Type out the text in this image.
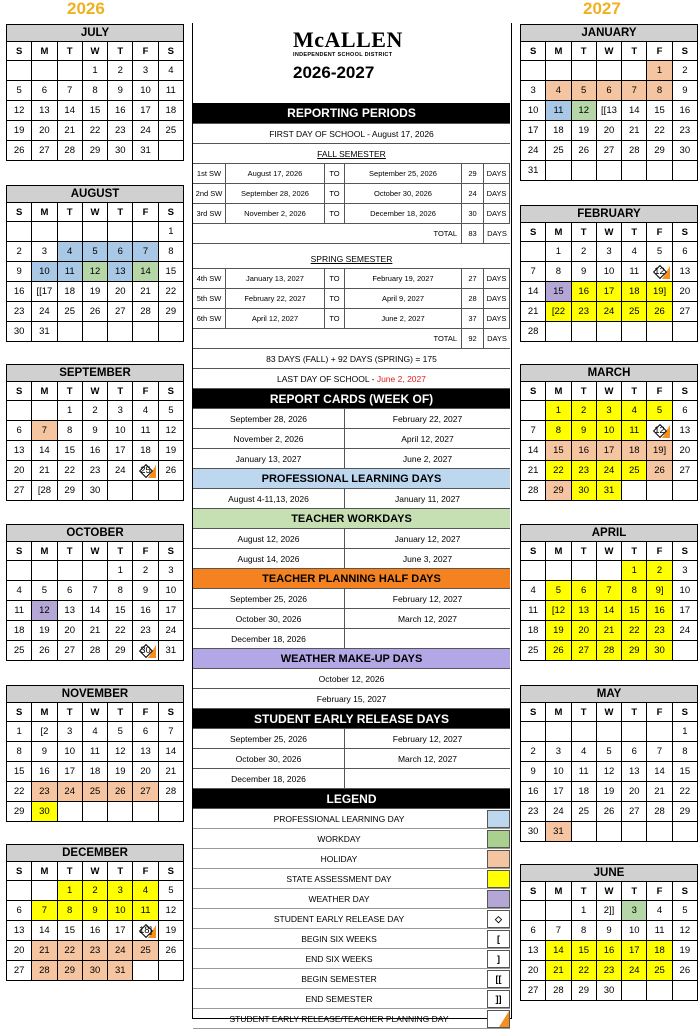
2026	2027
JULY
S	M	T	W	T	F	S
			1	2	3	4
5	6	7	8	9	10	11
12	13	14	15	16	17	18
19	20	21	22	23	24	25
26	27	28	29	30	31	
AUGUST
S	M	T	W	T	F	S
						1
2	3	4	5	6	7	8
9	10	11	12	13	14	15
16	[[17	18	19	20	21	22
23	24	25	26	27	28	29
30	31					
SEPTEMBER
S	M	T	W	T	F	S
		1	2	3	4	5
6	7	8	9	10	11	12
13	14	15	16	17	18	19
20	21	22	23	24	25	26
27	[28	29	30			
OCTOBER
S	M	T	W	T	F	S
				1	2	3
4	5	6	7	8	9	10
11	12	13	14	15	16	17
18	19	20	21	22	23	24
25	26	27	28	29	30	31
NOVEMBER
S	M	T	W	T	F	S
1	[2	3	4	5	6	7
8	9	10	11	12	13	14
15	16	17	18	19	20	21
22	23	24	25	26	27	28
29	30					
DECEMBER
S	M	T	W	T	F	S
		1	2	3	4	5
6	7	8	9	10	11	12
13	14	15	16	17	18]	19
20	21	22	23	24	25	26
27	28	29	30	31		
JANUARY
S	M	T	W	T	F	S
					1	2
3	4	5	6	7	8	9
10	11	12	[[13	14	15	16
17	18	19	20	21	22	23
24	25	26	27	28	29	30
31						
FEBRUARY
S	M	T	W	T	F	S
	1	2	3	4	5	6
7	8	9	10	11	12	13
14	15	16	17	18	19]	20
21	[22	23	24	25	26	27
28						
MARCH
S	M	T	W	T	F	S
	1	2	3	4	5	6
7	8	9	10	11	12	13
14	15	16	17	18	19]	20
21	22	23	24	25	26	27
28	29	30	31			
APRIL
S	M	T	W	T	F	S
				1	2	3
4	5	6	7	8	9]	10
11	[12	13	14	15	16	17
18	19	20	21	22	23	24
25	26	27	28	29	30	
MAY
S	M	T	W	T	F	S
						1
2	3	4	5	6	7	8
9	10	11	12	13	14	15
16	17	18	19	20	21	22
23	24	25	26	27	28	29
30	31					
JUNE
S	M	T	W	T	F	S
		1	2]]	3	4	5
6	7	8	9	10	11	12
13	14	15	16	17	18	19
20	21	22	23	24	25	26
27	28	29	30			
McALLEN
INDEPENDENT SCHOOL DISTRICT
2026-2027
REPORTING PERIODS
FIRST DAY OF SCHOOL - August 17, 2026
FALL SEMESTER
1st SW	August 17, 2026	TO	September 25, 2026	29	DAYS
2nd SW	September 28, 2026	TO	October 30, 2026	24	DAYS
3rd SW	November 2, 2026	TO	December 18, 2026	30	DAYS
TOTAL	83	DAYS
SPRING SEMESTER
4th SW	January 13, 2027	TO	February 19, 2027	27	DAYS
5th SW	February 22, 2027	TO	April 9, 2027	28	DAYS
6th SW	April 12, 2027	TO	June 2, 2027	37	DAYS
TOTAL	92	DAYS
83 DAYS (FALL) + 92 DAYS (SPRING) = 175
LAST DAY OF SCHOOL - June 2, 2027
REPORT CARDS (WEEK OF)
September 28, 2026	February 22, 2027
November 2, 2026	April 12, 2027
January 13, 2027	June 2, 2027
PROFESSIONAL LEARNING DAYS
August 4-11,13, 2026	January 11, 2027
TEACHER WORKDAYS
August 12, 2026	January 12, 2027
August 14, 2026	June 3, 2027
TEACHER PLANNING HALF DAYS
September 25, 2026	February 12, 2027
October 30, 2026	March 12, 2027
December 18, 2026
WEATHER MAKE-UP DAYS
October 12, 2026
February 15, 2027
STUDENT EARLY RELEASE DAYS
September 25, 2026	February 12, 2027
October 30, 2026	March 12, 2027
December 18, 2026
LEGEND
PROFESSIONAL LEARNING DAY
WORKDAY
HOLIDAY
STATE ASSESSMENT DAY
WEATHER DAY
STUDENT EARLY RELEASE DAY	◇
BEGIN SIX WEEKS	[
END SIX WEEKS	]
BEGIN SEMESTER	[[
END SEMESTER	]]
STUDENT EARLY RELEASE/TEACHER PLANNING DAY
